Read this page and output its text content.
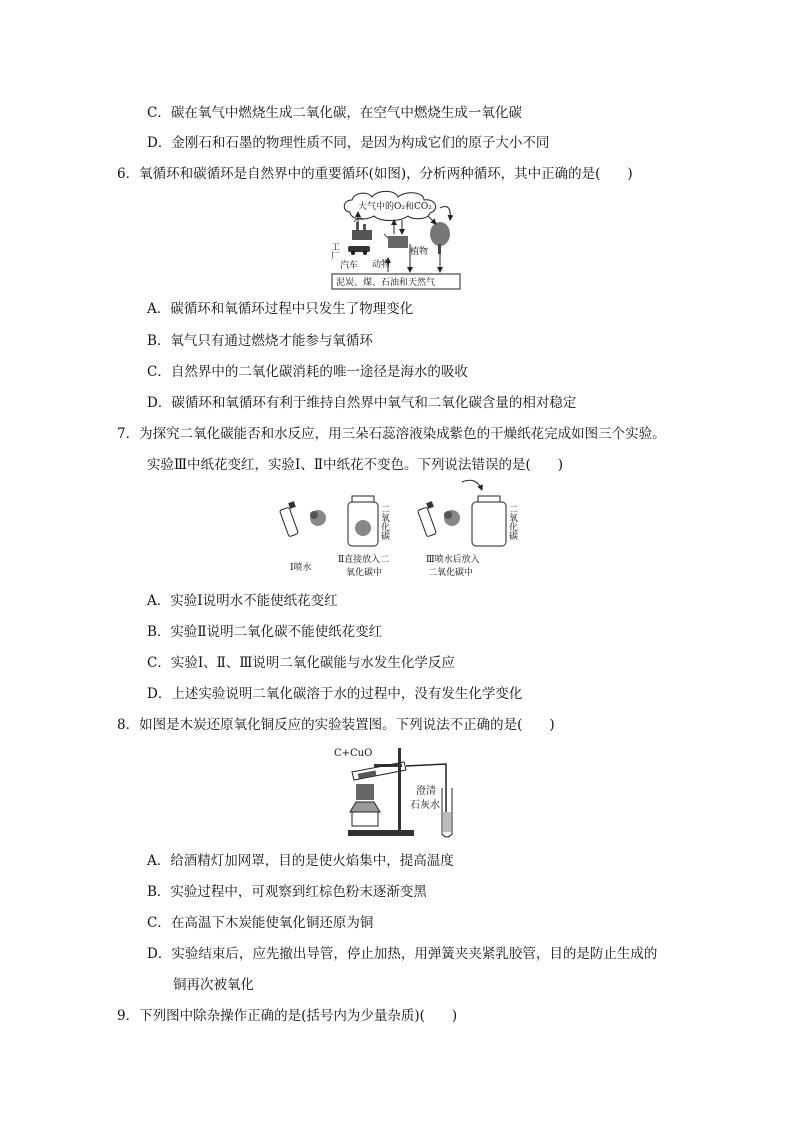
C．碳在氧气中燃烧生成二氧化碳，在空气中燃烧生成一氧化碳
D．金刚石和石墨的物理性质不同，是因为构成它们的原子大小不同
6．氧循环和碳循环是自然界中的重要循环(如图)，分析两种循环，其中正确的是(　　)
大气中的O₂和CO₂
工厂
汽车 动物
植物
泥炭、煤、石油和天然气
A．碳循环和氧循环过程中只发生了物理变化
B．氧气只有通过燃烧才能参与氧循环
C．自然界中的二氧化碳消耗的唯一途径是海水的吸收
D．碳循环和氧循环有利于维持自然界中氧气和二氧化碳含量的相对稳定
7．为探究二氧化碳能否和水反应，用三朵石蕊溶液染成紫色的干燥纸花完成如图三个实验。
实验Ⅲ中纸花变红，实验Ⅰ、Ⅱ中纸花不变色。下列说法错误的是(　　)
Ⅰ喷水
二氧化碳
Ⅱ直接放入二
氧化碳中
二氧化碳
Ⅲ喷水后放入
二氧化碳中
A．实验Ⅰ说明水不能使纸花变红
B．实验Ⅱ说明二氧化碳不能使纸花变红
C．实验Ⅰ、Ⅱ、Ⅲ说明二氧化碳能与水发生化学反应
D．上述实验说明二氧化碳溶于水的过程中，没有发生化学变化
8．如图是木炭还原氧化铜反应的实验装置图。下列说法不正确的是(　　)
C+CuO
澄清
石灰水
A．给酒精灯加网罩，目的是使火焰集中，提高温度
B．实验过程中，可观察到红棕色粉末逐渐变黑
C．在高温下木炭能使氧化铜还原为铜
D．实验结束后，应先撤出导管，停止加热，用弹簧夹夹紧乳胶管，目的是防止生成的
铜再次被氧化
9．下列图中除杂操作正确的是(括号内为少量杂质)(　　)
